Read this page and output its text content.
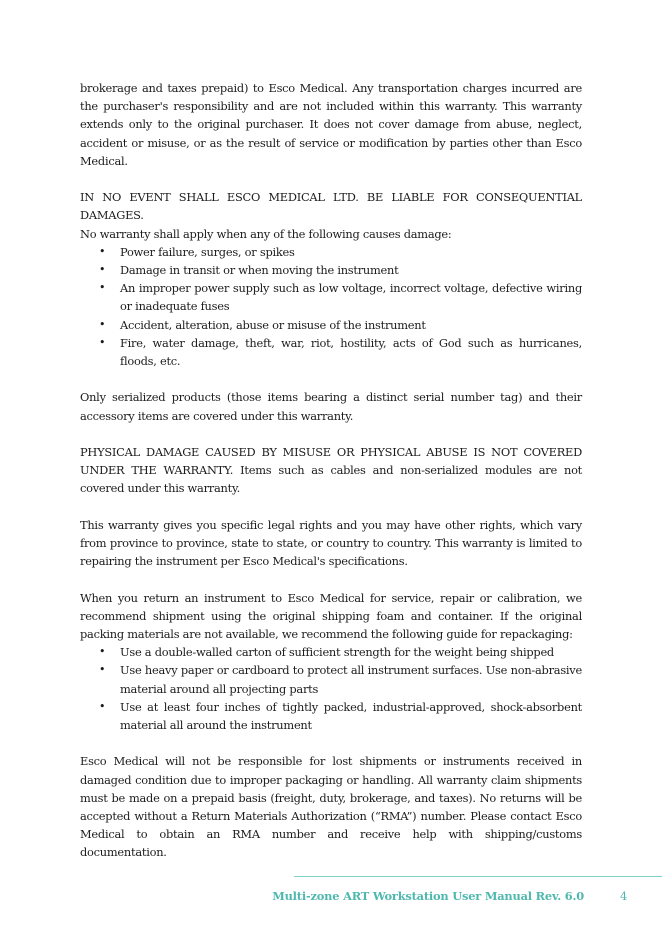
brokerage and taxes prepaid) to Esco Medical. Any transportation charges incurred are the purchaser's responsibility and are not included within this warranty. This warranty extends only to the original purchaser. It does not cover damage from abuse, neglect, accident or misuse, or as the result of service or modification by parties other than Esco Medical.

IN NO EVENT SHALL ESCO MEDICAL LTD. BE LIABLE FOR CONSEQUENTIAL DAMAGES.

No warranty shall apply when any of the following causes damage:

• Power failure, surges, or spikes
• Damage in transit or when moving the instrument
• An improper power supply such as low voltage, incorrect voltage, defective wiring or inadequate fuses
• Accident, alteration, abuse or misuse of the instrument
• Fire, water damage, theft, war, riot, hostility, acts of God such as hurricanes, floods, etc.

Only serialized products (those items bearing a distinct serial number tag) and their accessory items are covered under this warranty.

PHYSICAL DAMAGE CAUSED BY MISUSE OR PHYSICAL ABUSE IS NOT COVERED UNDER THE WARRANTY. Items such as cables and non-serialized modules are not covered under this warranty.

This warranty gives you specific legal rights and you may have other rights, which vary from province to province, state to state, or country to country. This warranty is limited to repairing the instrument per Esco Medical's specifications.

When you return an instrument to Esco Medical for service, repair or calibration, we recommend shipment using the original shipping foam and container. If the original packing materials are not available, we recommend the following guide for repackaging:

• Use a double-walled carton of sufficient strength for the weight being shipped
• Use heavy paper or cardboard to protect all instrument surfaces. Use non-abrasive material around all projecting parts
• Use at least four inches of tightly packed, industrial-approved, shock-absorbent material all around the instrument

Esco Medical will not be responsible for lost shipments or instruments received in damaged condition due to improper packaging or handling. All warranty claim shipments must be made on a prepaid basis (freight, duty, brokerage, and taxes). No returns will be accepted without a Return Materials Authorization (“RMA”) number. Please contact Esco Medical to obtain an RMA number and receive help with shipping/customs documentation.

Multi-zone ART Workstation User Manual Rev. 6.0	4
